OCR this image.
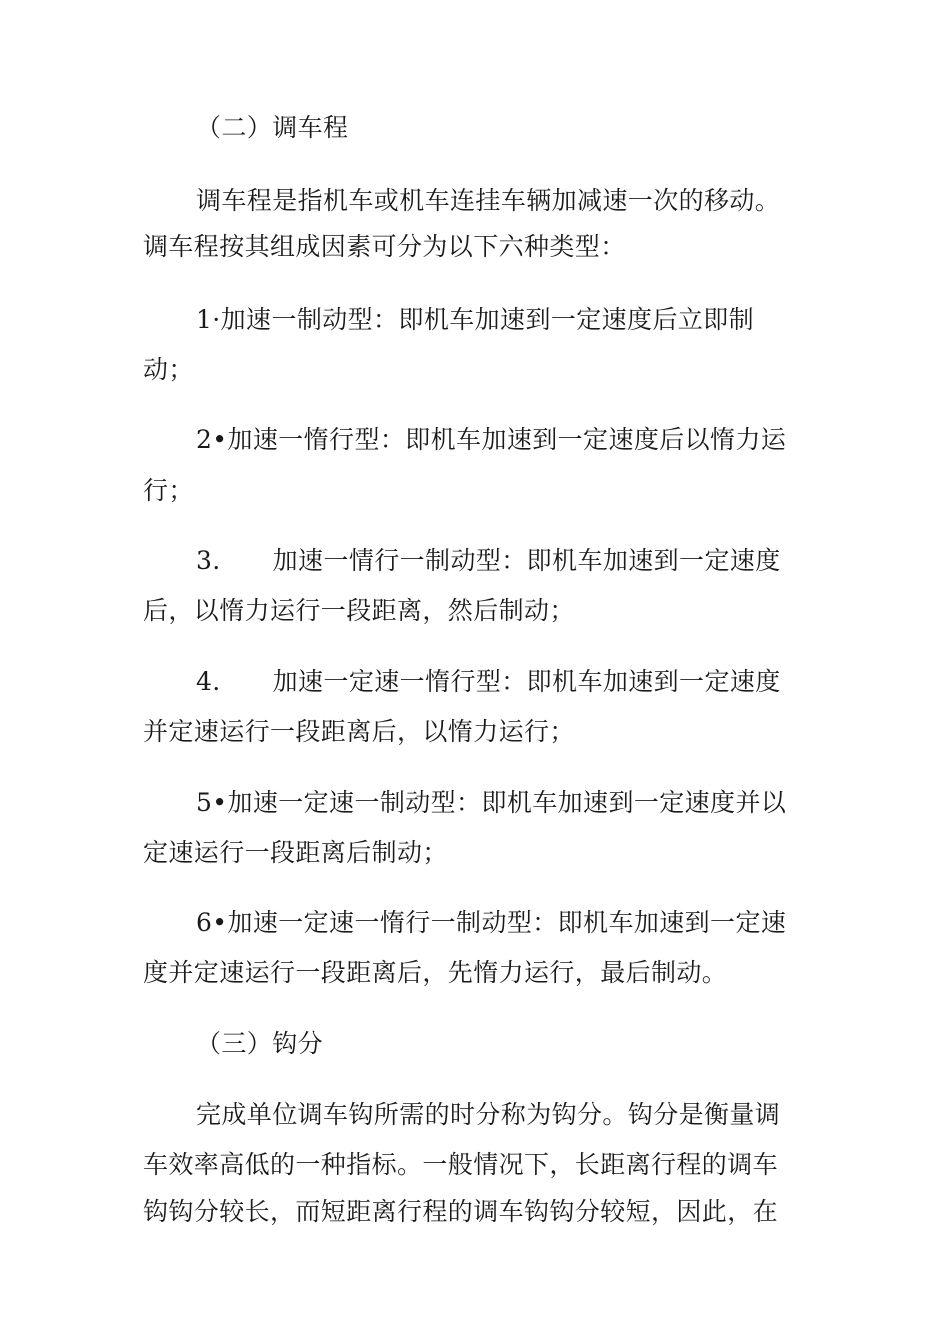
（二）调车程
调车程是指机车或机车连挂车辆加减速一次的移动。
调车程按其组成因素可分为以下六种类型：
1·加速一制动型：即机车加速到一定速度后立即制
动；
2•加速一惰行型：即机车加速到一定速度后以惰力运
行；
3. 加速一情行一制动型：即机车加速到一定速度
后，以惰力运行一段距离，然后制动；
4. 加速一定速一惰行型：即机车加速到一定速度
并定速运行一段距离后，以惰力运行；
5•加速一定速一制动型：即机车加速到一定速度并以
定速运行一段距离后制动；
6•加速一定速一惰行一制动型：即机车加速到一定速
度并定速运行一段距离后，先惰力运行，最后制动。
（三）钩分
完成单位调车钩所需的时分称为钩分。钩分是衡量调
车效率高低的一种指标。一般情况下，长距离行程的调车
钩钩分较长，而短距离行程的调车钩钩分较短，因此，在
